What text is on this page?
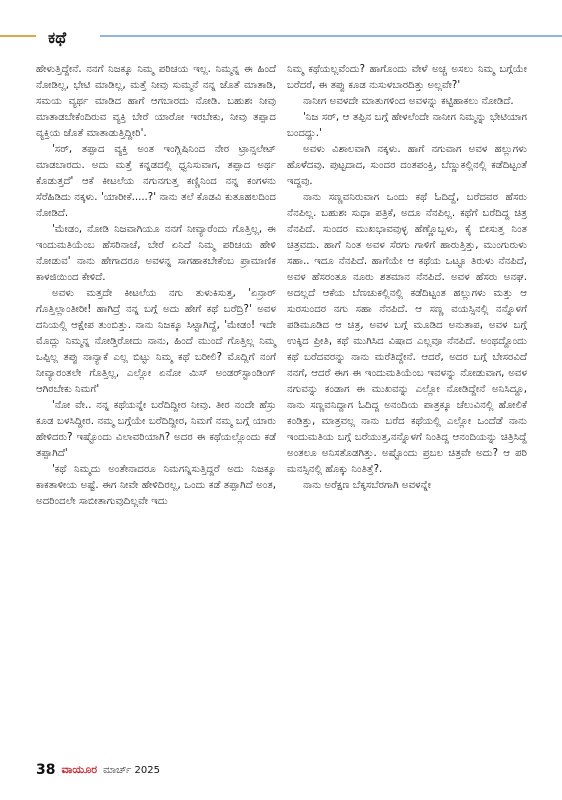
ಕಥೆ

ಹೇಳುತ್ತಿದ್ದೇನೆ. ನನಗೆ ನಿಜಕ್ಕೂ ನಿಮ್ಮ ಪರಿಚಯ ಇಲ್ಲ. ನಿಮ್ಮನ್ನ ಈ ಹಿಂದೆ ನೋಡಿಲ್ಲ, ಭೇಟಿ ಮಾಡಿಲ್ಲ, ಮತ್ತೆ ನೀವು ಸುಮ್ಮನೆ ನನ್ನ ಜೊತೆ ಮಾತಾಡಿ, ಸಮಯ ವ್ಯರ್ಥ ಮಾಡಿದ ಹಾಗೆ ಆಗಬಾರದು ನೋಡಿ. ಬಹುಶಃ ನೀವು ಮಾತಾಡಬೇಕೆಂದಿರುವ ವ್ಯಕ್ತಿ ಬೇರೆ ಯಾರೋ ಇರಬೇಕು, ನೀವು ತಪ್ಪಾದ ವ್ಯಕ್ತಿಯ ಜೊತೆ ಮಾತಾಡುತ್ತಿದ್ದೀರಿ'.

'ಸರ್, ತಪ್ಪಾದ ವ್ಯಕ್ತಿ ಅಂತ ಇಂಗ್ಲಿಷಿನಿಂದ ನೇರ ಟ್ರಾನ್ಸಲೇಟ್ ಮಾಡಬಾರದು. ಅದು ಮತ್ತೆ ಕನ್ನಡದಲ್ಲಿ ಧ್ವನಿಸುವಾಗ, ತಪ್ಪಾದ ಅರ್ಥ ಕೊಡುತ್ತದೆ' ಆಕೆ ಕೀಟಲೆಯ ನಗುನಗುತ್ತ ಕಣ್ಣಿನಿಂದ ನನ್ನ ಕಂಗಳನು ಸೆರೆಹಿಡಿದು ನಕ್ಕಳು. 'ಯಾರೀಕೆ.....?' ನಾನು ತಲೆ ಕೊಡವಿ ಕುತೂಹಲದಿಂದ ನೋಡಿದೆ.

'ಮೇಡಂ, ನೋಡಿ ನಿಜವಾಗಿಯೂ ನನಗೆ ನೀವ್ಯಾರೆಂದು ಗೊತ್ತಿಲ್ಲ, ಈ ಇಂದುಮತಿಯೆಂಬ ಹೆಸರಿನಾಚೆ, ಬೇರೆ ಏನಿದೆ ನಿಮ್ಮ ಪರಿಚಯ ಹೇಳಿ ನೋಡುವ' ನಾನು ಹೇಗಾದರೂ ಅವಳನ್ನ ಸಾಗಹಾಕಬೇಕೆಂಬ ಪ್ರಾಮಾಣಿಕ ಕಾಳಜಿಯಿಂದ ಕೇಳಿದೆ.

ಅವಳು ಮತ್ತದೇ ಕೀಟಲೆಯ ನಗು ತುಳುಕಿಸುತ್ತ, 'ಏನ್ರಾರ್ ಗೊತ್ತಿಲ್ಲಾಂತೀರೀ! ಹಾಗಿದ್ರೆ ನನ್ನ ಬಗ್ಗೆ ಅದು ಹೇಗೆ ಕಥೆ ಬರೆದ್ರಿ?' ಅವಳ ದನಿಯಲ್ಲಿ ಆಕ್ಷೇಪ ತುಂಬಿತ್ತು. ನಾನು ನಿಜಕ್ಕೂ ಸಿಟ್ಟಾಗಿದ್ದೆ, 'ಮೇಡಂ! ಇದೇ ಮೊದ್ಲು ನಿಮ್ಮನ್ನ ನೋಡ್ತಿರೋದು ನಾನು, ಹಿಂದೆ ಮುಂದೆ ಗೊತ್ತಿಲ್ಲ ನಿಮ್ಮ ಒಪ್ಪಿಲ್ಲ ತಪ್ಪು ನಾನ್ಯಾಕೆ ಎಲ್ಲ ಬಿಟ್ಟು ನಿಮ್ಮ ಕಥೆ ಬರೀಲಿ? ಮೊದ್ಲಿಗೆ ನಂಗೆ ನೀವ್ಯಾರಂತಲೇ ಗೊತ್ತಿಲ್ಲ, ಎಲ್ಲೋ ಏನೋ ಮಿಸ್ ಅಂಡರ್‌ಸ್ಟಾಂಡಿಂಗ್ ಆಗಿರಬೇಕು ನಿಮಗೆ'

'ನೋ ವೇ.. ನನ್ನ ಕಥೆಯನ್ನೇ ಬರೆದಿದ್ದೀರ ನೀವು. ತೀರ ನಂದೇ ಹೆಸ್ರು ಕೂಡ ಬಳಸಿದ್ದೀರ. ನಮ್ಮ ಬಗ್ಗೆಯೇ ಬರೆದಿದ್ದೀರ, ನಿಮಗೆ ನಮ್ಮ ಬಗ್ಗೆ ಯಾರು ಹೇಳಿದರು? ಇಷ್ಟೊಂದು ವಿಲಾವರಿಯಾಗಿ? ಅದರ ಈ ಕಥೆಯಲ್ಲೊಂದು ಕಡೆ ತಪ್ಪಾಗಿದೆ'

'ಕಥೆ ನಿಮ್ಮದು ಅಂತೇನಾದರೂ ನಿಮಗನ್ನಿಸುತ್ತಿದ್ದರೆ ಅದು ನಿಜಕ್ಕೂ ಕಾಕತಾಳೀಯ ಅಷ್ಟೆ. ಈಗ ನೀವೇ ಹೇಳಿದಿರಲ್ಲ, ಒಂದು ಕಡೆ ತಪ್ಪಾಗಿದೆ ಅಂತ, ಅದರಿಂದಲೇ ಸಾಬೀತಾಗುವುದಿಲ್ಲವೇ ಇದು

ನಿಮ್ಮ ಕಥೆಯಲ್ಲವೆಂದು? ಹಾಗೊಂದು ವೇಳೆ ಅಚ್ಚ ಅಸಲು ನಿಮ್ಮ ಬಗ್ಗೆಯೇ ಬರೆದರೆ, ಈ ತಪ್ಪು ಕೂಡ ನುಸುಳಬಾರದಿತ್ತು ಅಲ್ಲವೇ?'

ನಾನೀಗ ಅವಳದೇ ಮಾತುಗಳಿಂದ ಅವಳನ್ನು ಕಟ್ಟಿಹಾಕಲು ನೋಡಿದೆ.

'ನಿಜ ಸರ್, ಆ ತಪ್ಪಿನ ಬಗ್ಗೆ ಹೇಳಲೆಂದೇ ನಾನೀಗ ನಿಮ್ಮನ್ನು ಭೇಟಿಯಾಗ ಬಂದದ್ದು.'

ಅವಳು ವಿಶಾಲವಾಗಿ ನಕ್ಕಳು. ಹಾಗೆ ನಗುವಾಗ ಅವಳ ಹಲ್ಲುಗಳು ಹೊಳೆದವು. ಪುಟ್ಟದಾದ, ಸುಂದರ ದಂತಪಂಕ್ತಿ, ಬೆಣ್ಣುಕಲ್ಲಿನಲ್ಲಿ ಕಡೆದಿಟ್ಟಂತೆ ಇದ್ದವು.

ನಾನು ಸಣ್ಣವನಿರುವಾಗ ಒಂದು ಕಥೆ ಓದಿದ್ದೆ, ಬರೆದವರ ಹೆಸರು ನೆನಪಿಲ್ಲ. ಬಹುಶಃ ಸುಧಾ ಪತ್ರಿಕೆ, ಅದೂ ನೆನಪಿಲ್ಲ. ಕಥೆಗೆ ಬರೆದಿದ್ದ ಚಿತ್ರ ನೆನಪಿದೆ. ಸುಂದರ ಮುಖಭಾವವುಳ್ಳ ಹೆಣ್ಣೊಬ್ಬಳು, ಕೈ ಬೀಸುತ್ತ ನಿಂತ ಚಿತ್ರವದು. ಹಾಗೆ ನಿಂತ ಅವಳ ಸೆರಗು ಗಾಳಿಗೆ ಹಾರುತ್ತಿತ್ತು, ಮುಂಗುರುಳು ಸಹಾ.. ಇದೂ ನೆನಪಿದೆ. ಹಾಗೆಯೇ ಆ ಕಥೆಯ ಒಟ್ಟೂ ತಿರುಳು ನೆನಪಿದೆ, ಅವಳ ಹೆಸರಂತೂ ನೂರು ಶತಮಾನ ನೆನಪಿದೆ. ಅವಳ ಹೆಸರು ಅನಘ. ಅದಲ್ಲದೆ ಆಕೆಯ ಬೆಣಚುಕಲ್ಲಿನಲ್ಲಿ ಕಡೆದಿಟ್ಟಂತ ಹಲ್ಲುಗಳು ಮತ್ತು ಆ ಸುರಸುಂದರ ನಗು ಸಹಾ ನೆನಪಿದೆ. ಆ ಸಣ್ಣ ವಯಸ್ಸಿನಲ್ಲಿ ನನ್ನೊಳಗೆ ಪಡಿಮೂಡಿದ ಆ ಚಿತ್ರ, ಅವಳ ಬಗ್ಗೆ ಮೂಡಿದ ಅನುತಾಪ, ಅವಳ ಬಗ್ಗೆ ಉಕ್ಕಿದ ಪ್ರೀತಿ, ಕಥೆ ಮುಗಿಸಿದ ವಿಷಾದ ಎಲ್ಲವೂ ನೆನಪಿದೆ. ಅಂಥದ್ದೊಂದು ಕಥೆ ಬರೆದವರನ್ನು ನಾನು ಮರೆತಿದ್ದೇನೆ. ಆದರೆ, ಅದರ ಬಗ್ಗೆ ಬೇಸರವಿದೆ ನನಗೆ, ಆದರೆ ಈಗ ಈ ಇಂದುಮತಿಯೆಂಬ ಇವಳನ್ನು ನೋಡುವಾಗ, ಅವಳ ನಗುವನ್ನು ಕಂಡಾಗ ಈ ಮುಖವನ್ನು ಎಲ್ಲೋ ನೋಡಿದ್ದೇನೆ ಅನಿಸಿದ್ದೂ, ನಾನು ಸಣ್ಣವನಿದ್ದಾಗ ಓದಿದ್ದ ಅನಂದಿಯ ಪಾತ್ರಕ್ಕೂ ಚೆಲುವಿನಲ್ಲಿ ಹೋಲಿಕೆ ಕಂಡಿತ್ತು, ಮಾತ್ರವಲ್ಲ ನಾನು ಬರೆದ ಕಥೆಯಲ್ಲಿ ಎಲ್ಲೋ ಒಂದೆಡೆ ನಾನು ಇಂದುಮತಿಯ ಬಗ್ಗೆ ಬರೆಯುತ್ತ,ನನ್ನೊಳಗೆ ನಿಂತಿದ್ದ ಆನಂದಿಯನ್ನು ಚಿತ್ರಿಸಿದ್ದೆ ಅಂತಲೂ ಅನಿಸತೊಡಗಿತ್ತು. ಅಷ್ಟೊಂದು ಪ್ರಬಲ ಚಿತ್ರವೇ ಅದು? ಆ ಪರಿ ಮನಸ್ಸಿನಲ್ಲಿ ಹೊಕ್ಕು ನಿಂತಿತ್ತೆ?.

ನಾನು ಅರೆಕ್ಷಣ ಬೆಕ್ಕಸಬೆರಗಾಗಿ ಅವಳನ್ನೇ

38 ವಾಯೂರ ಮಾರ್ಚ್ 2025
